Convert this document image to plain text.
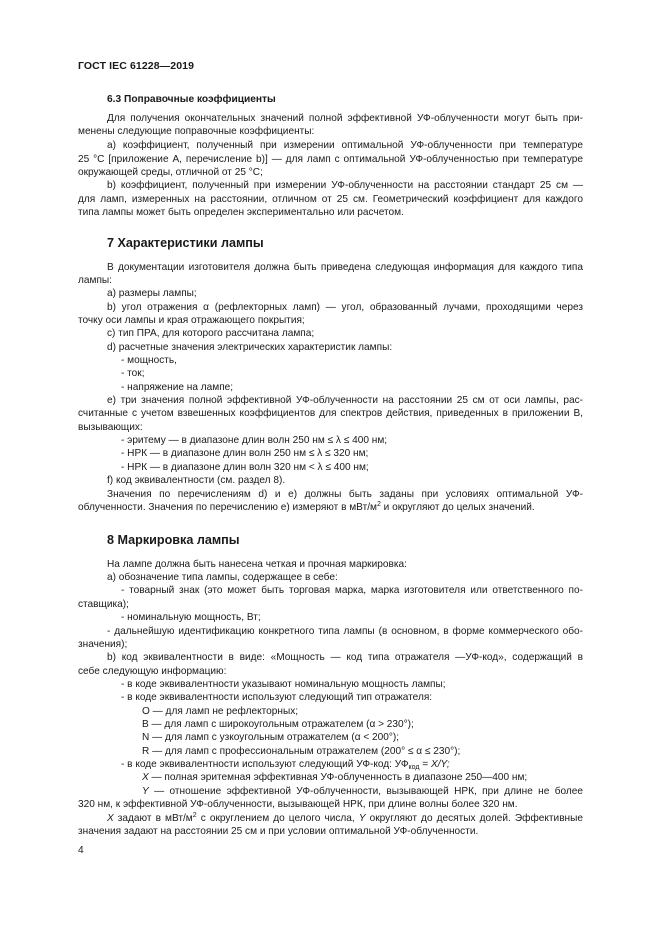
ГОСТ IEC 61228—2019
6.3 Поправочные коэффициенты
Для получения окончательных значений полной эффективной УФ-облученности могут быть при-
менены следующие поправочные коэффициенты:
a) коэффициент, полученный при измерении оптимальной УФ-облученности при температуре
25 °С [приложение А, перечисление b)] — для ламп с оптимальной УФ-облученностью при температуре
окружающей среды, отличной от 25 °С;
b) коэффициент, полученный при измерении УФ-облученности на расстоянии стандарт 25 см —
для ламп, измеренных на расстоянии, отличном от 25 см. Геометрический коэффициент для каждого
типа лампы может быть определен экспериментально или расчетом.
7 Характеристики лампы
В документации изготовителя должна быть приведена следующая информация для каждого типа
лампы:
a) размеры лампы;
b) угол отражения α (рефлекторных ламп) — угол, образованный лучами, проходящими через
точку оси лампы и края отражающего покрытия;
c) тип ПРА, для которого рассчитана лампа;
d) расчетные значения электрических характеристик лампы:
- мощность,
- ток;
- напряжение на лампе;
e) три значения полной эффективной УФ-облученности на расстоянии 25 см от оси лампы, рас-
считанные с учетом взвешенных коэффициентов для спектров действия, приведенных в приложении В,
вызывающих:
- эритему — в диапазоне длин волн 250 нм ≤ λ ≤ 400 нм;
- НРК — в диапазоне длин волн 250 нм ≤ λ ≤ 320 нм;
- НРК — в диапазоне длин волн 320 нм < λ ≤ 400 нм;
f) код эквивалентности (см. раздел 8).
Значения по перечислениям d) и е) должны быть заданы при условиях оптимальной УФ-
облученности. Значения по перечислению е) измеряют в мВт/$м^2$ и округляют до целых значений.
8 Маркировка лампы
На лампе должна быть нанесена четкая и прочная маркировка:
а) обозначение типа лампы, содержащее в себе:
- товарный знак (это может быть торговая марка, марка изготовителя или ответственного по-
ставщика);
- номинальную мощность, Вт;
- дальнейшую идентификацию конкретного типа лампы (в основном, в форме коммерческого обо-
значения);
b) код эквивалентности в виде: «Мощность — код типа отражателя —УФ-код», содержащий в
себе следующую информацию:
- в коде эквивалентности указывают номинальную мощность лампы;
- в коде эквивалентности используют следующий тип отражателя:
О — для ламп не рефлекторных;
В — для ламп с широкоугольным отражателем (α > 230°);
N — для ламп с узкоугольным отражателем (α < 200°);
R — для ламп с профессиональным отражателем (200° ≤ α ≤ 230°);
- в коде эквивалентности используют следующий УФ-код: $УФ_{код} = X/Y$;
X — полная эритемная эффективная УФ-облученность в диапазоне 250—400 нм;
Y — отношение эффективной УФ-облученности, вызывающей НРК, при длине не более
320 нм, к эффективной УФ-облученности, вызывающей НРК, при длине волны более 320 нм.
X задают в мВт/$м^2$ с округлением до целого числа, Y округляют до десятых долей. Эффективные
значения задают на расстоянии 25 см и при условии оптимальной УФ-облученности.
4
